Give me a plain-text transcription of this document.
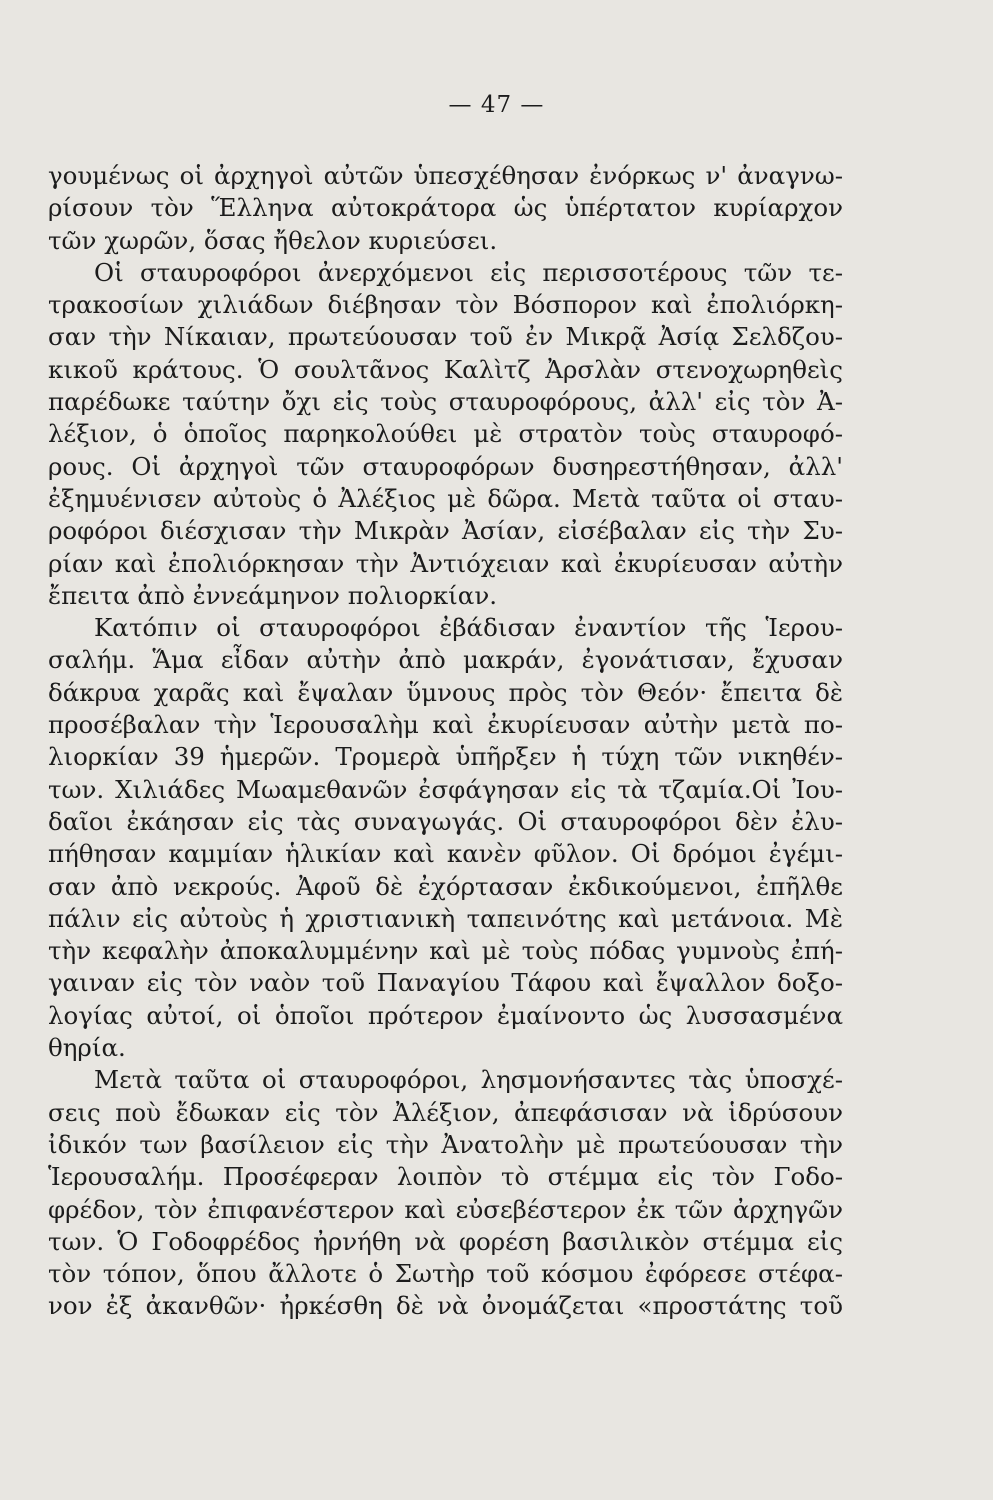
— 47 —
γουμένως οἱ ἀρχηγοὶ αὐτῶν ὑπεσχέθησαν ἐνόρκως ν' ἀναγνω-
ρίσουν τὸν Ἕλληνα αὐτοκράτορα ὡς ὑπέρτατον κυρίαρχον
τῶν χωρῶν, ὅσας ἤθελον κυριεύσει.
Οἱ σταυροφόροι ἀνερχόμενοι εἰς περισσοτέρους τῶν τε-
τρακοσίων χιλιάδων διέβησαν τὸν Βόσπορον καὶ ἐπολιόρκη-
σαν τὴν Νίκαιαν, πρωτεύουσαν τοῦ ἐν Μικρᾷ Ἀσίᾳ Σελδζου-
κικοῦ κράτους. Ὁ σουλτᾶνος Καλὶτζ Ἀρσλὰν στενοχωρηθεὶς
παρέδωκε ταύτην ὄχι εἰς τοὺς σταυροφόρους, ἀλλ' εἰς τὸν Ἀ-
λέξιον, ὁ ὁποῖος παρηκολούθει μὲ στρατὸν τοὺς σταυροφό-
ρους. Οἱ ἀρχηγοὶ τῶν σταυροφόρων δυσηρεστήθησαν, ἀλλ'
ἐξημυένισεν αὐτοὺς ὁ Ἀλέξιος μὲ δῶρα. Μετὰ ταῦτα οἱ σταυ-
ροφόροι διέσχισαν τὴν Μικρὰν Ἀσίαν, εἰσέβαλαν εἰς τὴν Συ-
ρίαν καὶ ἐπολιόρκησαν τὴν Ἀντιόχειαν καὶ ἐκυρίευσαν αὐτὴν
ἔπειτα ἀπὸ ἐννεάμηνον πολιορκίαν.
Κατόπιν οἱ σταυροφόροι ἐβάδισαν ἐναντίον τῆς Ἱερου-
σαλήμ. Ἅμα εἶδαν αὐτὴν ἀπὸ μακράν, ἐγονάτισαν, ἔχυσαν
δάκρυα χαρᾶς καὶ ἔψαλαν ὕμνους πρὸς τὸν Θεόν· ἔπειτα δὲ
προσέβαλαν τὴν Ἱερουσαλὴμ καὶ ἐκυρίευσαν αὐτὴν μετὰ πο-
λιορκίαν 39 ἡμερῶν. Τρομερὰ ὑπῆρξεν ἡ τύχη τῶν νικηθέν-
των. Χιλιάδες Μωαμεθανῶν ἐσφάγησαν εἰς τὰ τζαμία.Οἱ Ἰου-
δαῖοι ἐκάησαν εἰς τὰς συναγωγάς. Οἱ σταυροφόροι δὲν ἐλυ-
πήθησαν καμμίαν ἡλικίαν καὶ κανὲν φῦλον. Οἱ δρόμοι ἐγέμι-
σαν ἀπὸ νεκρούς. Ἀφοῦ δὲ ἐχόρτασαν ἐκδικούμενοι, ἐπῆλθε
πάλιν εἰς αὐτοὺς ἡ χριστιανικὴ ταπεινότης καὶ μετάνοια. Μὲ
τὴν κεφαλὴν ἀποκαλυμμένην καὶ μὲ τοὺς πόδας γυμνοὺς ἐπή-
γαιναν εἰς τὸν ναὸν τοῦ Παναγίου Τάφου καὶ ἔψαλλον δοξο-
λογίας αὐτοί, οἱ ὁποῖοι πρότερον ἐμαίνοντο ὡς λυσσασμένα
θηρία.
Μετὰ ταῦτα οἱ σταυροφόροι, λησμονήσαντες τὰς ὑποσχέ-
σεις ποὺ ἔδωκαν εἰς τὸν Ἀλέξιον, ἀπεφάσισαν νὰ ἱδρύσουν
ἰδικόν των βασίλειον εἰς τὴν Ἀνατολὴν μὲ πρωτεύουσαν τὴν
Ἱερουσαλήμ. Προσέφεραν λοιπὸν τὸ στέμμα εἰς τὸν Γοδο-
φρέδον, τὸν ἐπιφανέστερον καὶ εὐσεβέστερον ἐκ τῶν ἀρχηγῶν
των. Ὁ Γοδοφρέδος ἠρνήθη νὰ φορέση βασιλικὸν στέμμα εἰς
τὸν τόπον, ὅπου ἄλλοτε ὁ Σωτὴρ τοῦ κόσμου ἐφόρεσε στέφα-
νον ἐξ ἀκανθῶν· ἠρκέσθη δὲ νὰ ὀνομάζεται «προστάτης τοῦ
